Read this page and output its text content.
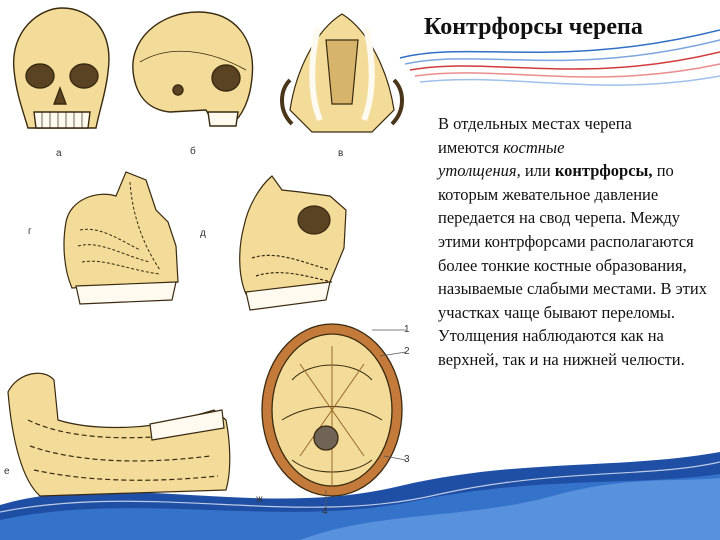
Контрфорсы черепа

В отдельных местах черепа
имеются костные
утолщения, или контрфорсы, по которым жевательное давление передается на свод черепа. Между этими контрфорсами располагаются более тонкие костные образования, называемые слабыми местами. В этих участках чаще бывают переломы. Утолщения наблюдаются как на верхней, так и на нижней челюсти.

а	б	в
г	д
е
ж
1
2
3
4
